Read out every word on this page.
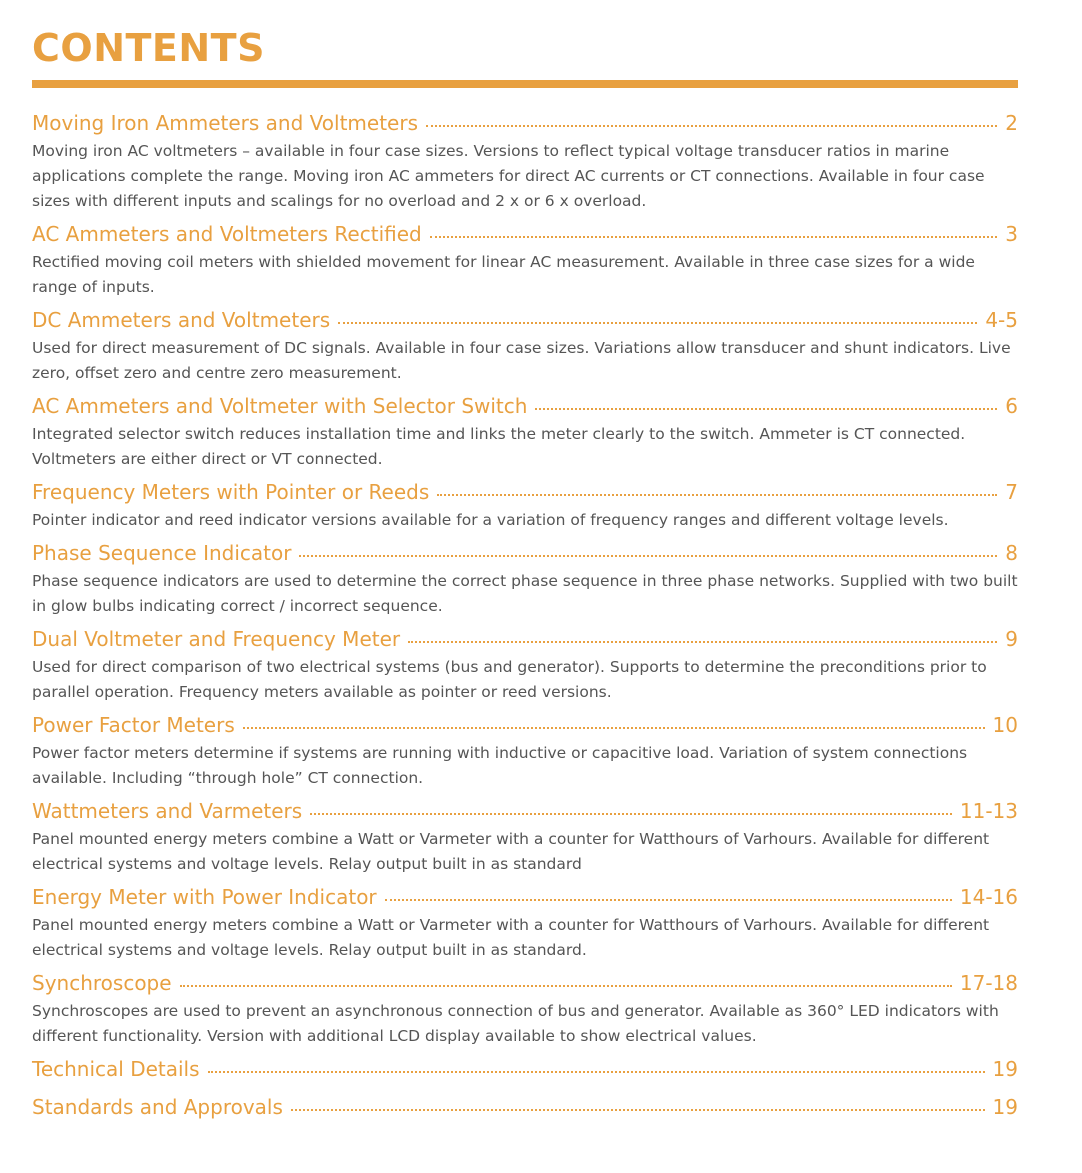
CONTENTS
Moving Iron Ammeters and Voltmeters	2
Moving iron AC voltmeters – available in four case sizes. Versions to reflect typical voltage transducer ratios in marine applications complete the range. Moving iron AC ammeters for direct AC currents or CT connections. Available in four case sizes with different inputs and scalings for no overload and 2 x or 6 x overload.
AC Ammeters and Voltmeters Rectified	3
Rectified moving coil meters with shielded movement for linear AC measurement. Available in three case sizes for a wide range of inputs.
DC Ammeters and Voltmeters	4-5
Used for direct measurement of DC signals. Available in four case sizes. Variations allow transducer and shunt indicators. Live zero, offset zero and centre zero measurement.
AC Ammeters and Voltmeter with Selector Switch	6
Integrated selector switch reduces installation time and links the meter clearly to the switch. Ammeter is CT connected. Voltmeters are either direct or VT connected.
Frequency Meters with Pointer or Reeds	7
Pointer indicator and reed indicator versions available for a variation of frequency ranges and different voltage levels.
Phase Sequence Indicator	8
Phase sequence indicators are used to determine the correct phase sequence in three phase networks. Supplied with two built in glow bulbs indicating correct / incorrect sequence.
Dual Voltmeter and Frequency Meter	9
Used for direct comparison of two electrical systems (bus and generator). Supports to determine the preconditions prior to parallel operation. Frequency meters available as pointer or reed versions.
Power Factor Meters	10
Power factor meters determine if systems are running with inductive or capacitive load. Variation of system connections available. Including “through hole” CT connection.
Wattmeters and Varmeters	11-13
Panel mounted energy meters combine a Watt or Varmeter with a counter for Watthours of Varhours. Available for different electrical systems and voltage levels. Relay output built in as standard
Energy Meter with Power Indicator	14-16
Panel mounted energy meters combine a Watt or Varmeter with a counter for Watthours of Varhours. Available for different electrical systems and voltage levels. Relay output built in as standard.
Synchroscope	17-18
Synchroscopes are used to prevent an asynchronous connection of bus and generator. Available as 360° LED indicators with different functionality. Version with additional LCD display available to show electrical values.
Technical Details	19
Standards and Approvals	19
